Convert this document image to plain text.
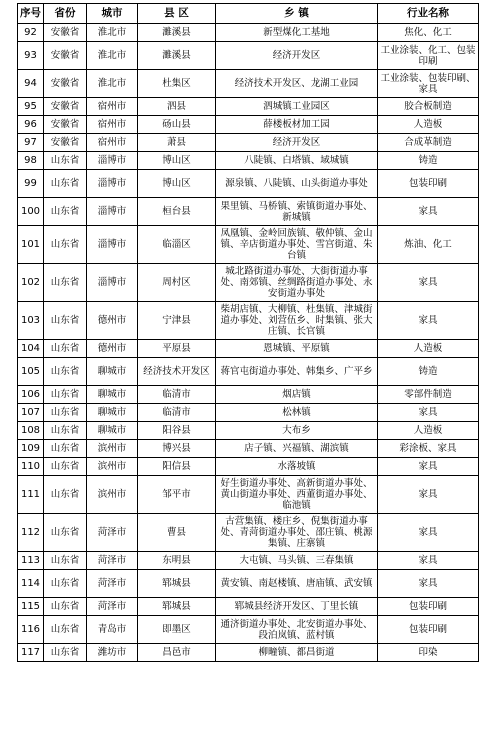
序号	省份	城市	县 区	乡 镇	行业名称
92	安徽省	淮北市	濉溪县	新型煤化工基地	焦化、化工
93	安徽省	淮北市	濉溪县	经济开发区	工业涂装、化工、包装印刷
94	安徽省	淮北市	杜集区	经济技术开发区、龙湖工业园	工业涂装、包装印刷、家具
95	安徽省	宿州市	泗县	泗城镇工业园区	胶合板制造
96	安徽省	宿州市	砀山县	薛楼板材加工园	人造板
97	安徽省	宿州市	萧县	经济开发区	合成革制造
98	山东省	淄博市	博山区	八陡镇、白塔镇、域城镇	铸造
99	山东省	淄博市	博山区	源泉镇、八陡镇、山头街道办事处	包装印刷
100	山东省	淄博市	桓台县	果里镇、马桥镇、索镇街道办事处、新城镇	家具
101	山东省	淄博市	临淄区	凤凰镇、金岭回族镇、敬仲镇、金山镇、辛店街道办事处、雪宫街道、朱台镇	炼油、化工
102	山东省	淄博市	周村区	城北路街道办事处、大街街道办事处、南郊镇、丝绸路街道办事处、永安街道办事处	家具
103	山东省	德州市	宁津县	柴胡店镇、大柳镇、杜集镇、津城街道办事处、刘营伍乡、时集镇、张大庄镇、长官镇	家具
104	山东省	德州市	平原县	恩城镇、平原镇	人造板
105	山东省	聊城市	经济技术开发区	蒋官屯街道办事处、韩集乡、广平乡	铸造
106	山东省	聊城市	临清市	烟店镇	零部件制造
107	山东省	聊城市	临清市	松林镇	家具
108	山东省	聊城市	阳谷县	大布乡	人造板
109	山东省	滨州市	博兴县	店子镇、兴福镇、湖滨镇	彩涂板、家具
110	山东省	滨州市	阳信县	水落坡镇	家具
111	山东省	滨州市	邹平市	好生街道办事处、高新街道办事处、黄山街道办事处、西董街道办事处、临池镇	家具
112	山东省	菏泽市	曹县	古营集镇、楼庄乡、倪集街道办事处、青菏街道办事处、邵庄镇、桃源集镇、庄寨镇	家具
113	山东省	菏泽市	东明县	大屯镇、马头镇、三春集镇	家具
114	山东省	菏泽市	郓城县	黄安镇、南赵楼镇、唐庙镇、武安镇	家具
115	山东省	菏泽市	郓城县	郓城县经济开发区、丁里长镇	包装印刷
116	山东省	青岛市	即墨区	通济街道办事处、北安街道办事处、段泊岚镇、蓝村镇	包装印刷
117	山东省	潍坊市	昌邑市	柳疃镇、都昌街道	印染
